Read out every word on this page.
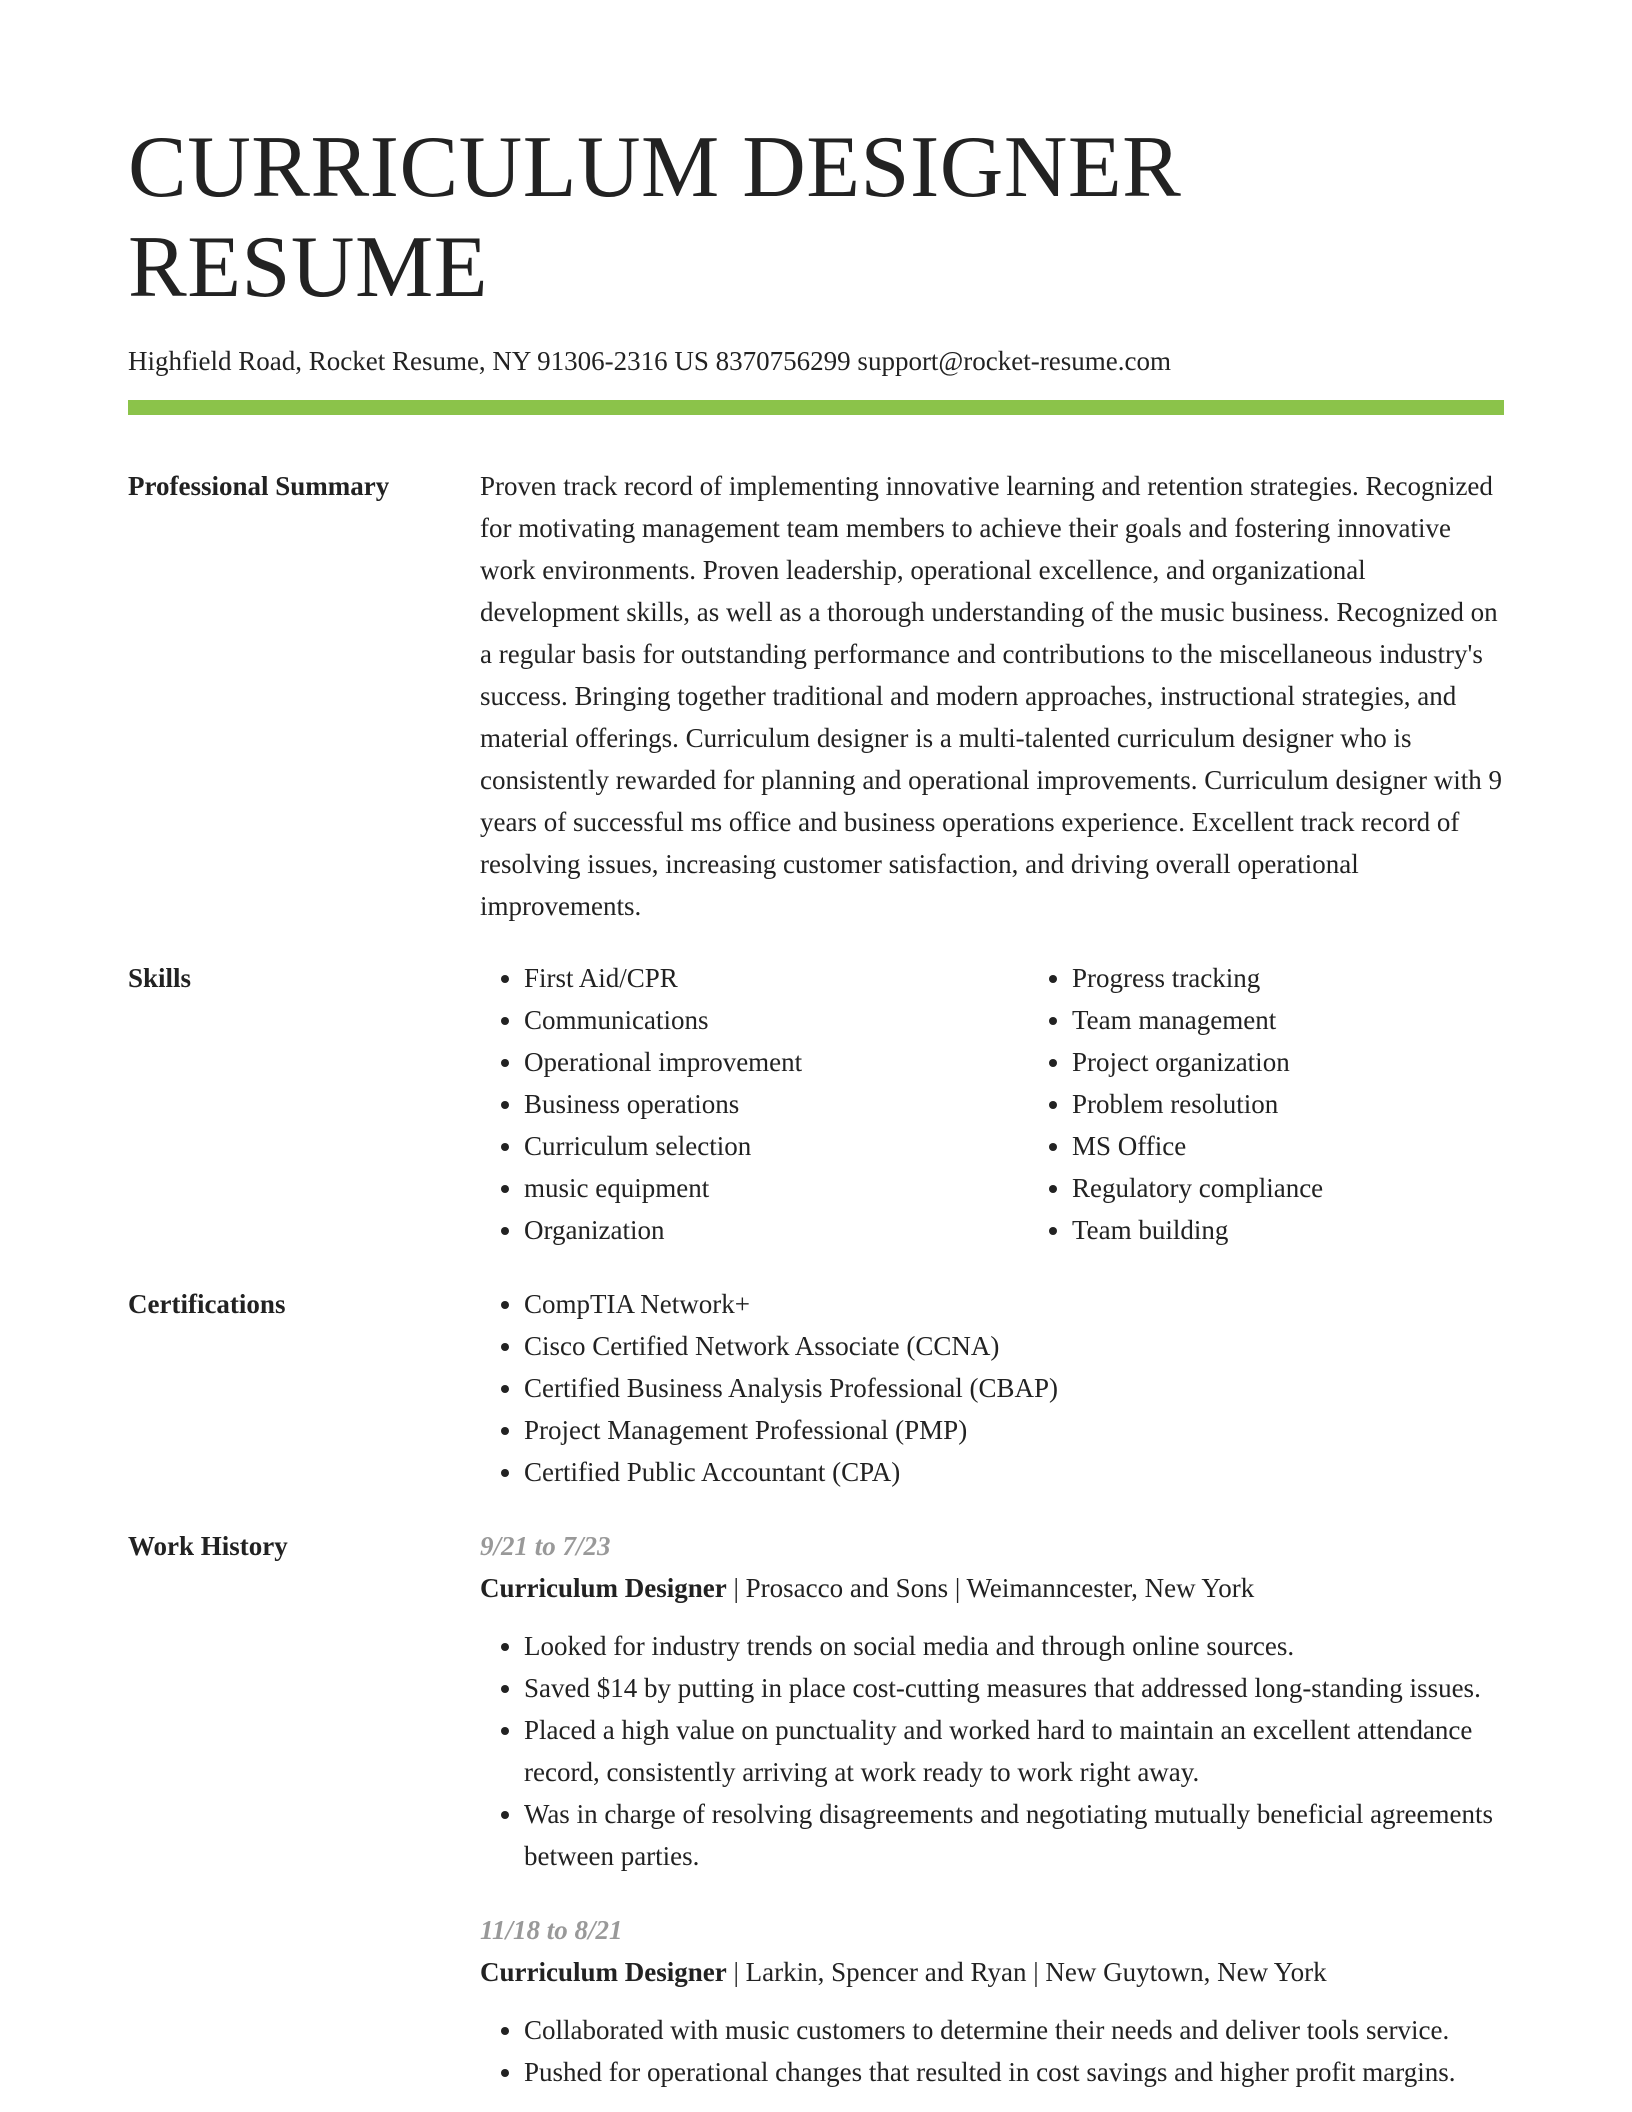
CURRICULUM DESIGNER RESUME
Highfield Road, Rocket Resume, NY 91306-2316 US 8370756299 support@rocket-resume.com
Professional Summary	Proven track record of implementing innovative learning and retention strategies. Recognized for motivating management team members to achieve their goals and fostering innovative work environments. Proven leadership, operational excellence, and organizational development skills, as well as a thorough understanding of the music business. Recognized on a regular basis for outstanding performance and contributions to the miscellaneous industry's success. Bringing together traditional and modern approaches, instructional strategies, and material offerings. Curriculum designer is a multi-talented curriculum designer who is consistently rewarded for planning and operational improvements. Curriculum designer with 9 years of successful ms office and business operations experience. Excellent track record of resolving issues, increasing customer satisfaction, and driving overall operational improvements.

Skills	• First Aid/CPR
• Communications
• Operational improvement
• Business operations
• Curriculum selection
• music equipment
• Organization
• Progress tracking
• Team management
• Project organization
• Problem resolution
• MS Office
• Regulatory compliance
• Team building
Certifications	• CompTIA Network+
• Cisco Certified Network Associate (CCNA)
• Certified Business Analysis Professional (CBAP)
• Project Management Professional (PMP)
• Certified Public Accountant (CPA)
Work History	9/21 to 7/23
Curriculum Designer | Prosacco and Sons | Weimanncester, New York
• Looked for industry trends on social media and through online sources.
• Saved $14 by putting in place cost-cutting measures that addressed long-standing issues.
• Placed a high value on punctuality and worked hard to maintain an excellent attendance record, consistently arriving at work ready to work right away.
• Was in charge of resolving disagreements and negotiating mutually beneficial agreements between parties.
11/18 to 8/21
Curriculum Designer | Larkin, Spencer and Ryan | New Guytown, New York
• Collaborated with music customers to determine their needs and deliver tools service.
• Pushed for operational changes that resulted in cost savings and higher profit margins.
